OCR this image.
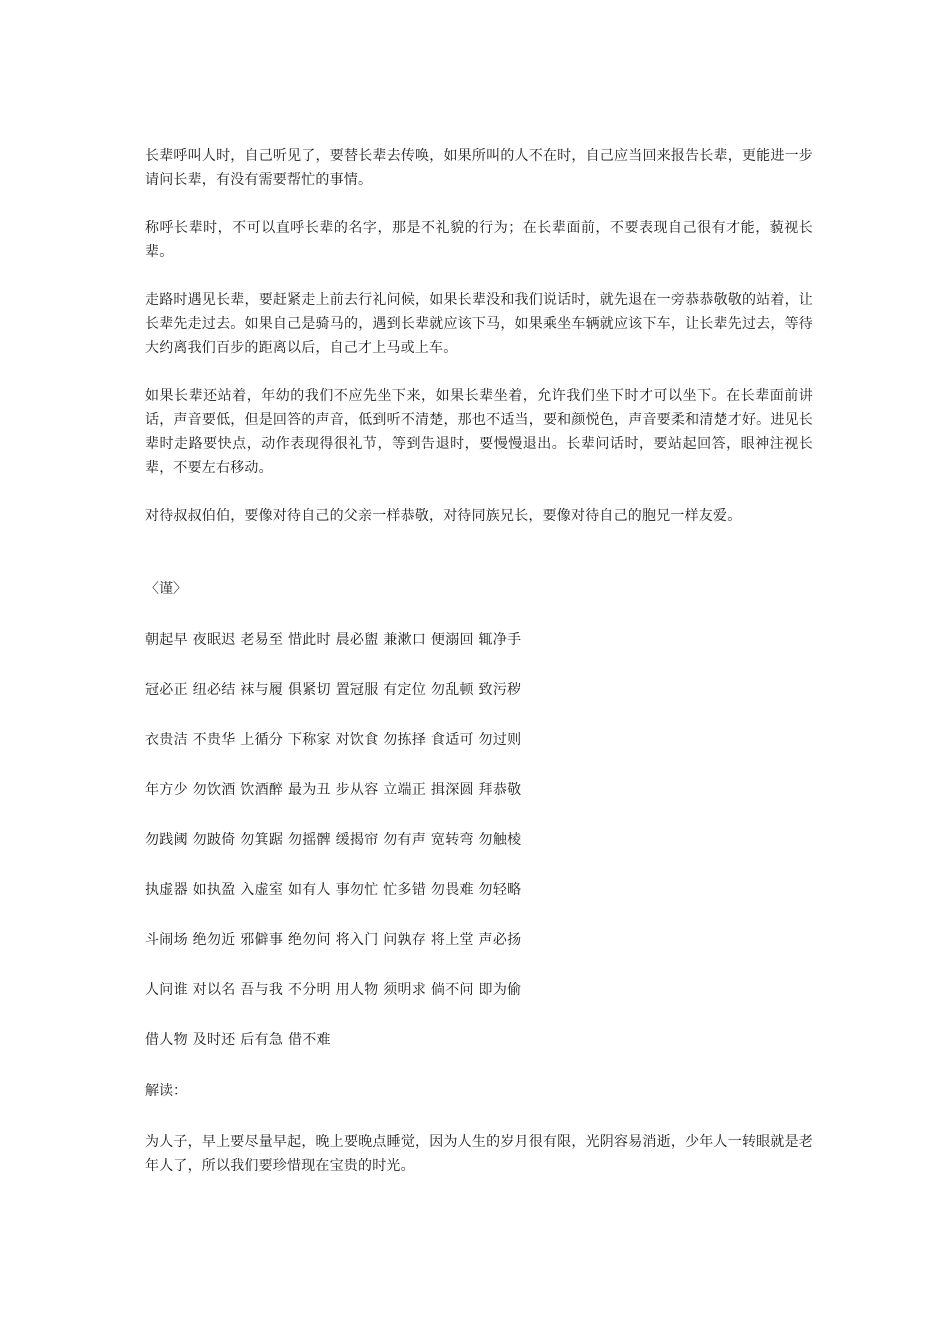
长辈呼叫人时，自己听见了，要替长辈去传唤，如果所叫的人不在时，自己应当回来报告长辈，更能进一步请问长辈，有没有需要帮忙的事情。

称呼长辈时，不可以直呼长辈的名字，那是不礼貌的行为；在长辈面前，不要表现自己很有才能，藐视长辈。

走路时遇见长辈，要赶紧走上前去行礼问候，如果长辈没和我们说话时，就先退在一旁恭恭敬敬的站着，让长辈先走过去。如果自己是骑马的，遇到长辈就应该下马，如果乘坐车辆就应该下车，让长辈先过去，等待大约离我们百步的距离以后，自己才上马或上车。

如果长辈还站着，年幼的我们不应先坐下来，如果长辈坐着，允许我们坐下时才可以坐下。在长辈面前讲话，声音要低，但是回答的声音，低到听不清楚，那也不适当，要和颜悦色，声音要柔和清楚才好。进见长辈时走路要快点，动作表现得很礼节，等到告退时，要慢慢退出。长辈问话时，要站起回答，眼神注视长辈，不要左右移动。

对待叔叔伯伯，要像对待自己的父亲一样恭敬，对待同族兄长，要像对待自己的胞兄一样友爱。

〈谨〉

朝起早 夜眠迟 老易至 惜此时 晨必盥 兼漱口 便溺回 辄净手

冠必正 纽必结 袜与履 俱紧切 置冠服 有定位 勿乱顿 致污秽

衣贵洁 不贵华 上循分 下称家 对饮食 勿拣择 食适可 勿过则

年方少 勿饮酒 饮酒醉 最为丑 步从容 立端正 揖深圆 拜恭敬

勿践阈 勿跛倚 勿箕踞 勿摇髀 缓揭帘 勿有声 宽转弯 勿触棱

执虚器 如执盈 入虚室 如有人 事勿忙 忙多错 勿畏难 勿轻略

斗闹场 绝勿近 邪僻事 绝勿问 将入门 问孰存 将上堂 声必扬

人问谁 对以名 吾与我 不分明 用人物 须明求 倘不问 即为偷

借人物 及时还 后有急 借不难

解读：

为人子，早上要尽量早起，晚上要晚点睡觉，因为人生的岁月很有限，光阴容易消逝，少年人一转眼就是老年人了，所以我们要珍惜现在宝贵的时光。
